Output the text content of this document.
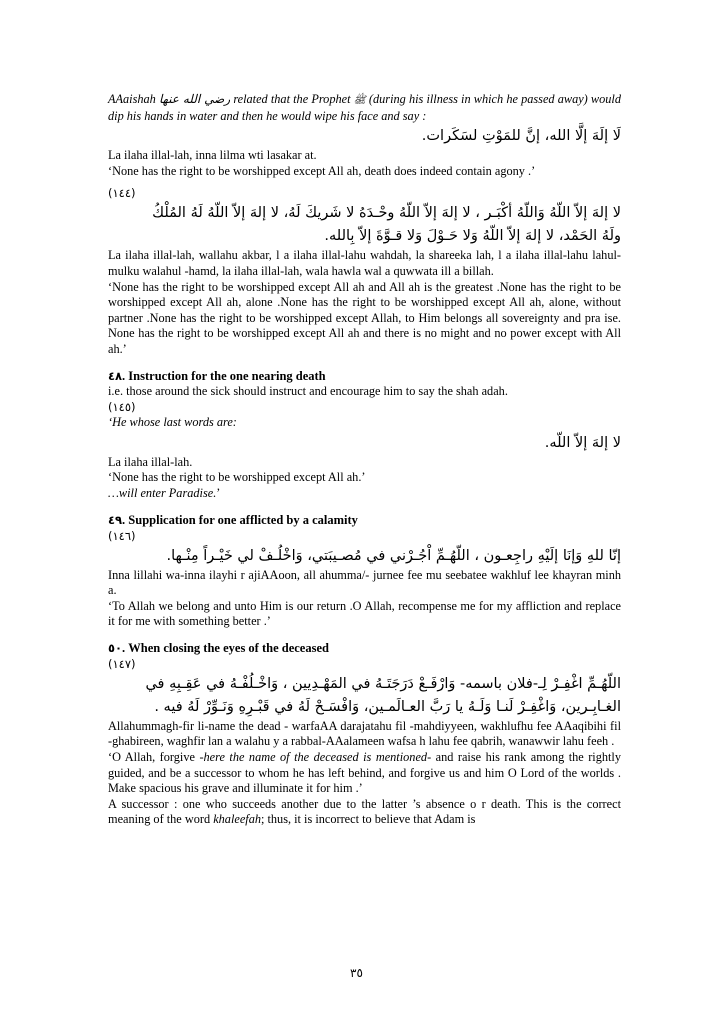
AAaishah رضي الله عنها related that the Prophet ﷺ (during his illness in which he passed away) would dip his hands in water and then he would wipe his face and say :

لَا إلَهَ إلَّا الله، إنَّ للمَوْتِ لسَكَرات.

La ilaha illal-lah, inna lilma wti lasakar at.

‘None has the right to be worshipped except All ah, death does indeed contain agony .’

(١٤٤)

لا إلهَ إلاّ اللّهُ وَاللّهُ أكْبَـر ، لا إلهَ إلاّ اللّهُ وحْـدَهُ لا شَريكَ لَهُ، لا إلهَ إلاّ اللّهُ لَهُ المُلْكُ

ولَهُ الحَمْد، لا إلهَ إلاّ اللّهُ وَلا حَـوْلَ وَلا قـوَّةَ إلاّ بِالله.

La ilaha illal-lah, wallahu akbar, l a ilaha illal-lahu wahdah, la shareeka lah, l a ilaha illal-lahu lahul-mulku walahul -hamd, la ilaha illal-lah, wala hawla wal a quwwata ill a billah.

‘None has the right to be worshipped except All ah and All ah is the greatest .None has the right to be worshipped except All ah, alone .None has the right to be worshipped except All ah, alone, without partner .None has the right to be worshipped except Allah, to Him belongs all sovereignty and pra ise. None has the right to be worshipped except All ah and there is no might and no power except with All ah.’

٤٨. Instruction for the one nearing death

i.e. those around the sick should instruct and encourage him to say the shah adah.

(١٤٥)

‘He whose last words are:

لا إلهَ إلاّ اللّه.

La ilaha illal-lah.

‘None has the right to be worshipped except All ah.’

…will enter Paradise.’

٤٩. Supplication for one afflicted by a calamity

(١٤٦)

إنّا للهِ وَإنَا إلَيْهِ راجِعـون ، اللّهُـمِّ اْجُـرْني في مُصـيبَتي، وَاخْلُـفْ لي خَيْـراً مِنْـها.

Inna lillahi wa-inna ilayhi r ajiAAoon, all ahumma/- jurnee fee mu seebatee wakhluf lee khayran minh a.

‘To Allah we belong and unto Him is our return .O Allah, recompense me for my affliction and replace it for me with something better .’

٥٠. When closing the eyes of the deceased

(١٤٧)

اللّهُـمِّ اغْفِـرْ لِـ-فلان باسمه- وَارْفَـعْ دَرَجَتَـهُ في المَهْـدِيين ، وَاخْـلُفْـهُ في عَقِـبِهِ في

الغـابِـرين، وَاغْفِـرْ لَنـا وَلَـهُ يا رَبَّ العـالَمـين، وَافْسَـحْ لَهُ في قَبْـرِهِ وَنَـوِّرْ لَهُ فيه .

Allahummagh-fir li-name the dead - warfaAA darajatahu fil -mahdiyyeen, wakhlufhu fee AAaqibihi fil -ghabireen, waghfir lan a walahu y a rabbal-AAalameen wafsa h lahu fee qabrih, wanawwir lahu feeh .

‘O Allah, forgive -here the name of the deceased is mentioned- and raise his rank among the rightly guided, and be a successor to whom he has left behind, and forgive us and him O Lord of the worlds . Make spacious his grave and illuminate it for him .’

A successor : one who succeeds another due to the latter ’s absence o r death. This is the correct meaning of the word khaleefah; thus, it is incorrect to believe that Adam is

٣٥
